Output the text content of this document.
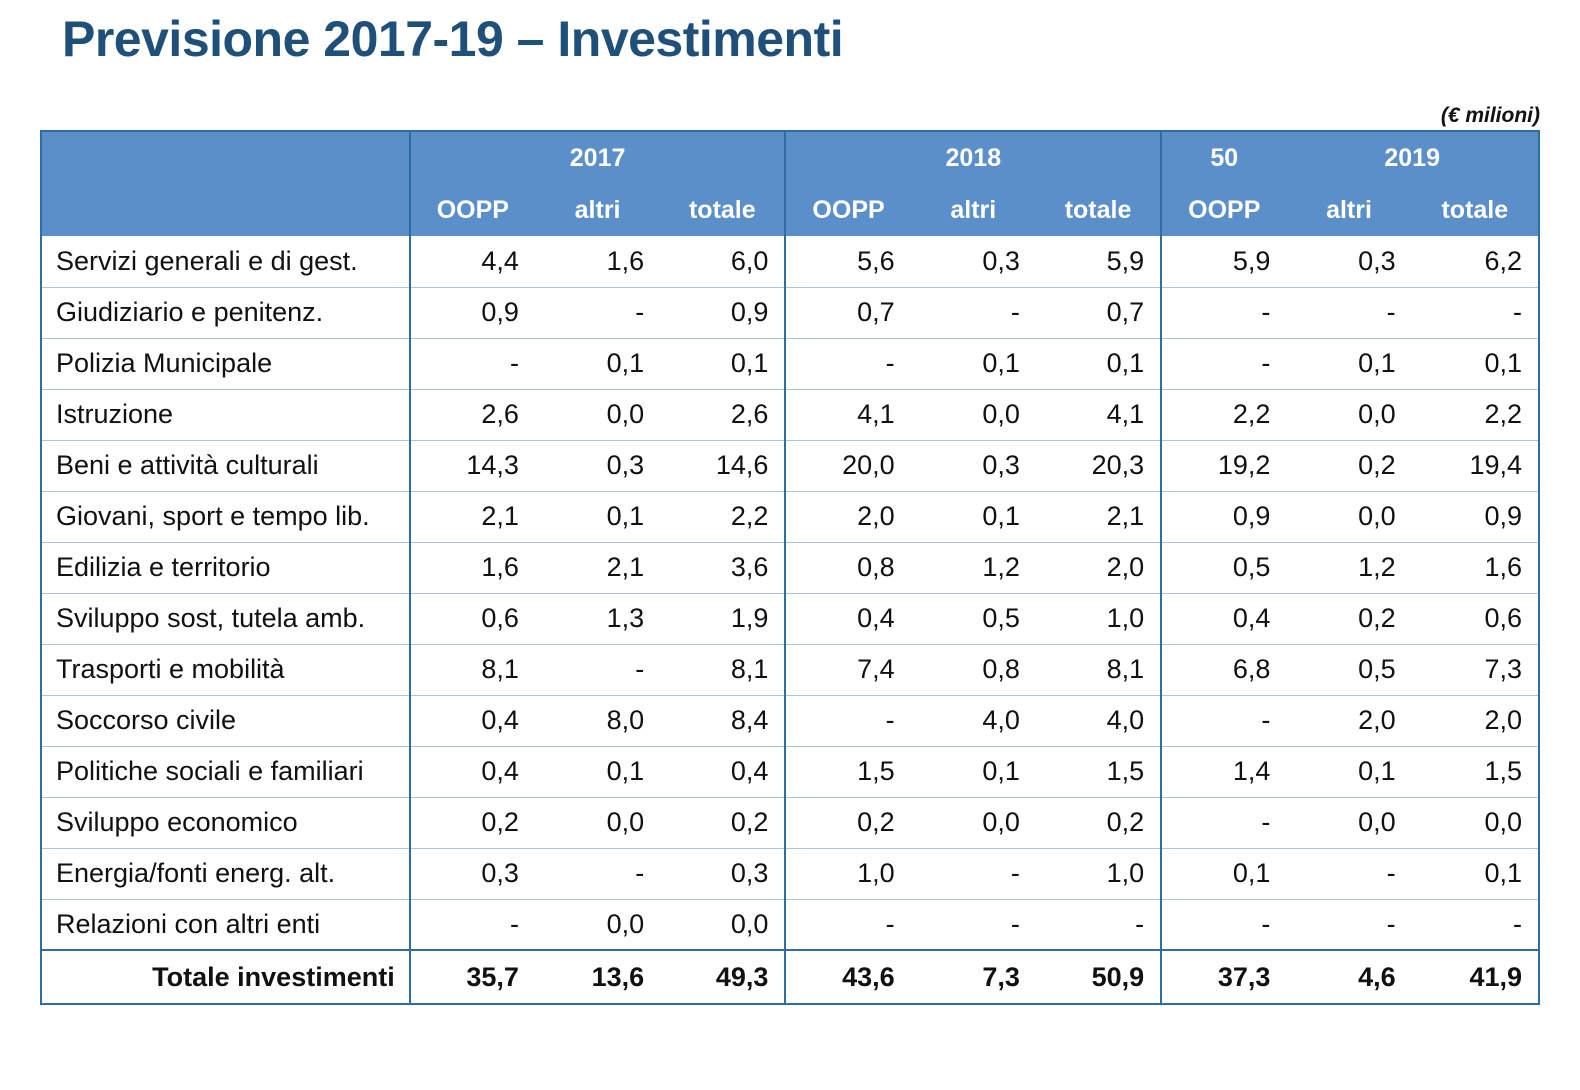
Previsione 2017-19 – Investimenti
(€ milioni)
	2017			2018			50	2019	
	OOPP	altri	totale	OOPP	altri	totale	OOPP	altri	totale
Servizi generali e di gest.	4,4	1,6	6,0	5,6	0,3	5,9	5,9	0,3	6,2
Giudiziario e penitenz.	0,9	-	0,9	0,7	-	0,7	-	-	-
Polizia Municipale	-	0,1	0,1	-	0,1	0,1	-	0,1	0,1
Istruzione	2,6	0,0	2,6	4,1	0,0	4,1	2,2	0,0	2,2
Beni e attività culturali	14,3	0,3	14,6	20,0	0,3	20,3	19,2	0,2	19,4
Giovani, sport e tempo lib.	2,1	0,1	2,2	2,0	0,1	2,1	0,9	0,0	0,9
Edilizia e territorio	1,6	2,1	3,6	0,8	1,2	2,0	0,5	1,2	1,6
Sviluppo sost, tutela amb.	0,6	1,3	1,9	0,4	0,5	1,0	0,4	0,2	0,6
Trasporti e mobilità	8,1	-	8,1	7,4	0,8	8,1	6,8	0,5	7,3
Soccorso civile	0,4	8,0	8,4	-	4,0	4,0	-	2,0	2,0
Politiche sociali e familiari	0,4	0,1	0,4	1,5	0,1	1,5	1,4	0,1	1,5
Sviluppo economico	0,2	0,0	0,2	0,2	0,0	0,2	-	0,0	0,0
Energia/fonti energ. alt.	0,3	-	0,3	1,0	-	1,0	0,1	-	0,1
Relazioni con altri enti	-	0,0	0,0	-	-	-	-	-	-
Totale investimenti	35,7	13,6	49,3	43,6	7,3	50,9	37,3	4,6	41,9
